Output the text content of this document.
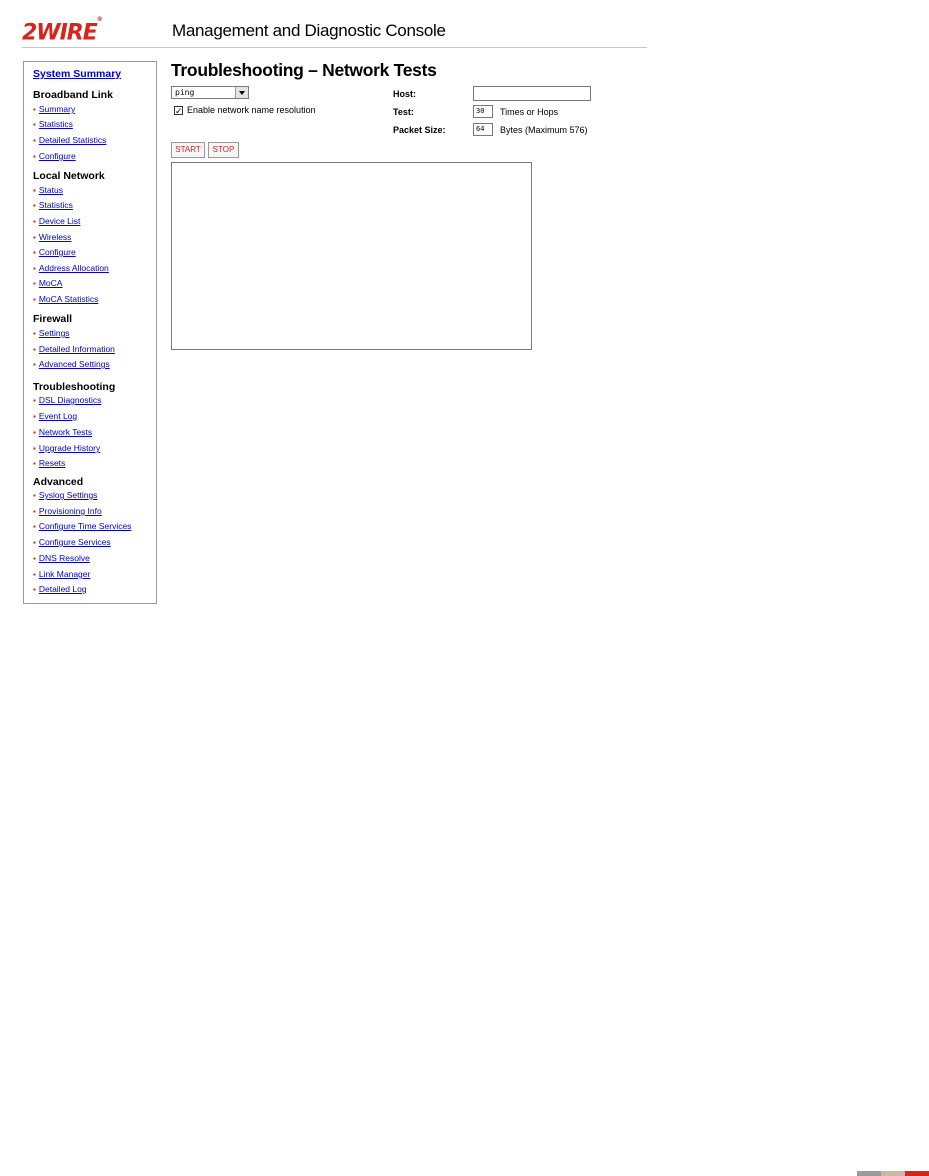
2WIRE®
Management and Diagnostic Console
System Summary
Broadband Link
▪ Summary
▪ Statistics
▪ Detailed Statistics
▪ Configure
Local Network
▪ Status
▪ Statistics
▪ Device List
▪ Wireless
▪ Configure
▪ Address Allocation
▪ MoCA
▪ MoCA Statistics
Firewall
▪ Settings
▪ Detailed Information
▪ Advanced Settings
Troubleshooting
▪ DSL Diagnostics
▪ Event Log
▪ Network Tests
▪ Upgrade History
▪ Resets
Advanced
▪ Syslog Settings
▪ Provisioning Info
▪ Configure Time Services
▪ Configure Services
▪ DNS Resolve
▪ Link Manager
▪ Detailed Log
Troubleshooting – Network Tests
ping
✓ Enable network name resolution
Host:
Test:	30	Times or Hops
Packet Size:	64	Bytes (Maximum 576)
START	STOP
